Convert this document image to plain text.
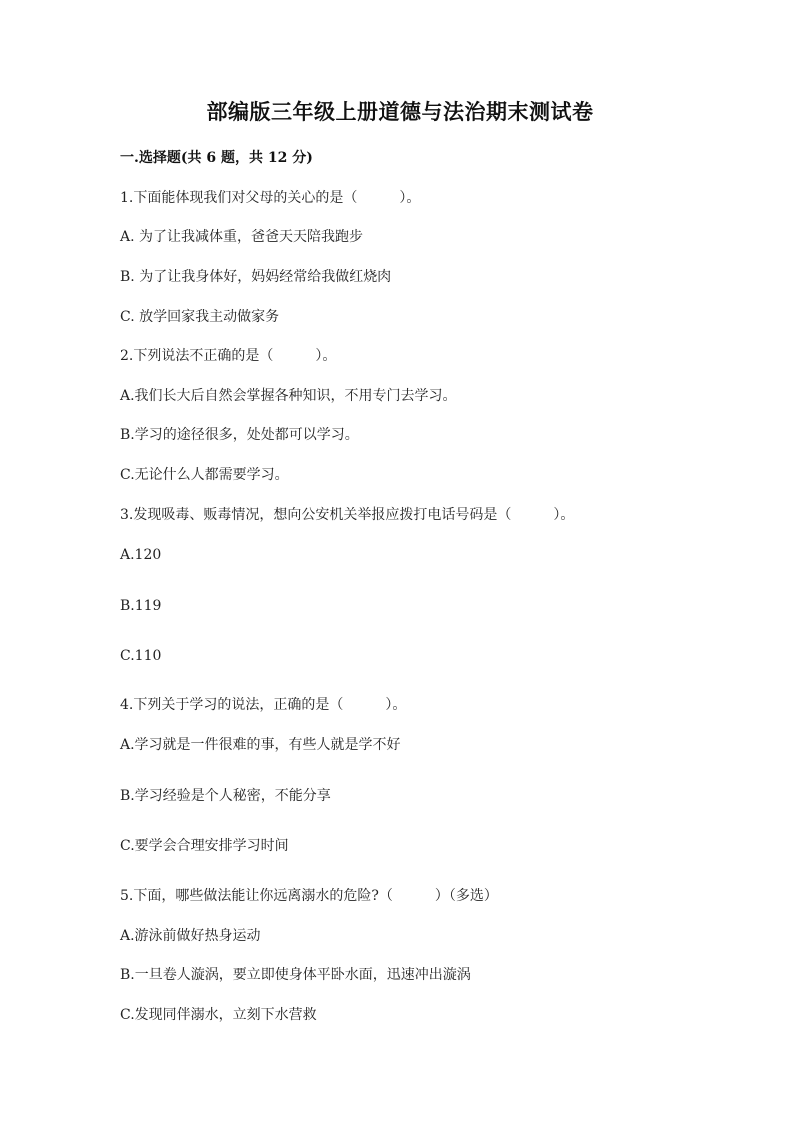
部编版三年级上册道德与法治期末测试卷
一.选择题(共 6 题，共 12 分)
1.下面能体现我们对父母的关心的是（　　　）。
A. 为了让我减体重，爸爸天天陪我跑步
B. 为了让我身体好，妈妈经常给我做红烧肉
C. 放学回家我主动做家务
2.下列说法不正确的是（　　　）。
A.我们长大后自然会掌握各种知识，不用专门去学习。
B.学习的途径很多，处处都可以学习。
C.无论什么人都需要学习。
3.发现吸毒、贩毒情况，想向公安机关举报应拨打电话号码是（　　　）。
A.120
B.119
C.110
4.下列关于学习的说法，正确的是（　　　）。
A.学习就是一件很难的事，有些人就是学不好
B.学习经验是个人秘密，不能分享
C.要学会合理安排学习时间
5.下面，哪些做法能让你远离溺水的危险?（　　　）（多选）
A.游泳前做好热身运动
B.一旦卷人漩涡，要立即使身体平卧水面，迅速冲出漩涡
C.发现同伴溺水，立刻下水营救
